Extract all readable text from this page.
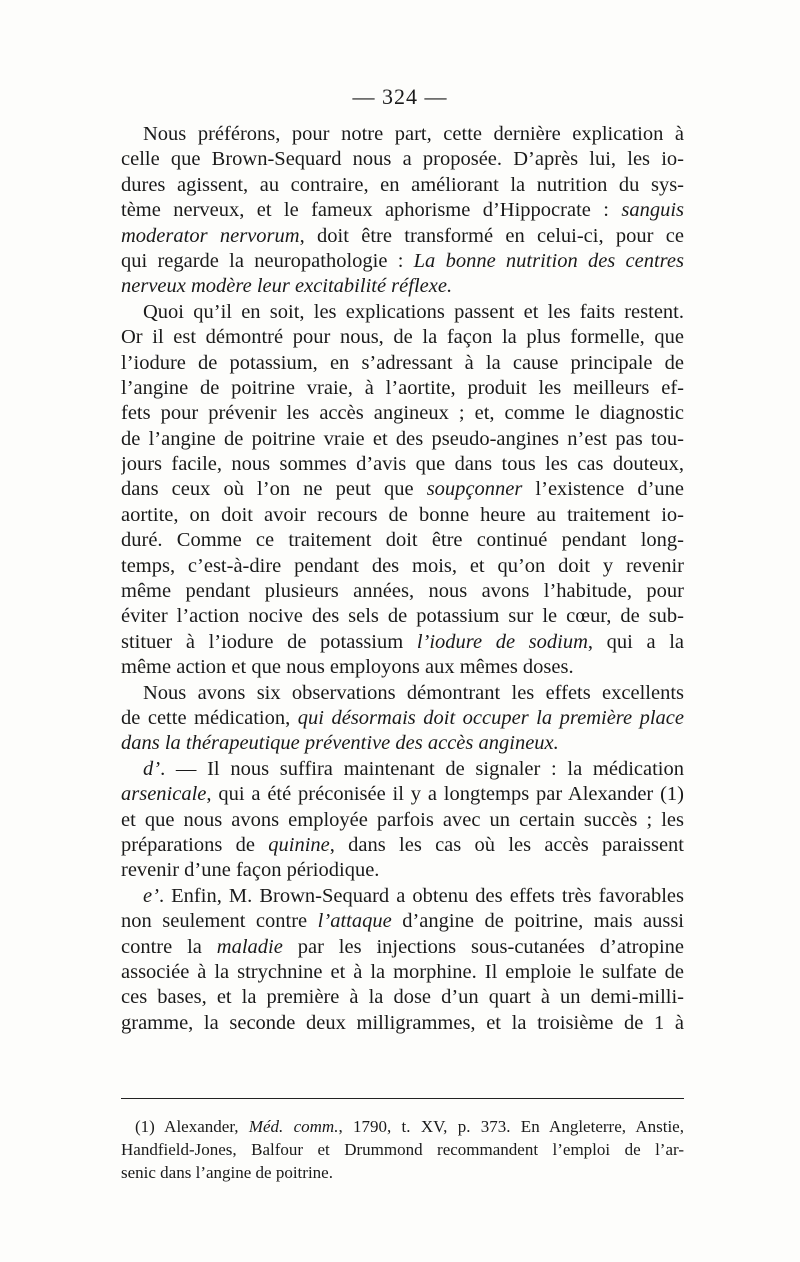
— 324 —
Nous préférons, pour notre part, cette dernière explication à
celle que Brown-Sequard nous a proposée. D’après lui, les io-
dures agissent, au contraire, en améliorant la nutrition du sys-
tème nerveux, et le fameux aphorisme d’Hippocrate : sanguis
moderator nervorum, doit être transformé en celui-ci, pour ce
qui regarde la neuropathologie : La bonne nutrition des centres
nerveux modère leur excitabilité réflexe.
Quoi qu’il en soit, les explications passent et les faits restent.
Or il est démontré pour nous, de la façon la plus formelle, que
l’iodure de potassium, en s’adressant à la cause principale de
l’angine de poitrine vraie, à l’aortite, produit les meilleurs ef-
fets pour prévenir les accès angineux ; et, comme le diagnostic
de l’angine de poitrine vraie et des pseudo-angines n’est pas tou-
jours facile, nous sommes d’avis que dans tous les cas douteux,
dans ceux où l’on ne peut que soupçonner l’existence d’une
aortite, on doit avoir recours de bonne heure au traitement io-
duré. Comme ce traitement doit être continué pendant long-
temps, c’est-à-dire pendant des mois, et qu’on doit y revenir
même pendant plusieurs années, nous avons l’habitude, pour
éviter l’action nocive des sels de potassium sur le cœur, de sub-
stituer à l’iodure de potassium l’iodure de sodium, qui a la
même action et que nous employons aux mêmes doses.
Nous avons six observations démontrant les effets excellents
de cette médication, qui désormais doit occuper la première place
dans la thérapeutique préventive des accès angineux.
d’. — Il nous suffira maintenant de signaler : la médication
arsenicale, qui a été préconisée il y a longtemps par Alexander (1)
et que nous avons employée parfois avec un certain succès ; les
préparations de quinine, dans les cas où les accès paraissent
revenir d’une façon périodique.
e’. Enfin, M. Brown-Sequard a obtenu des effets très favorables
non seulement contre l’attaque d’angine de poitrine, mais aussi
contre la maladie par les injections sous-cutanées d’atropine
associée à la strychnine et à la morphine. Il emploie le sulfate de
ces bases, et la première à la dose d’un quart à un demi-milli-
gramme, la seconde deux milligrammes, et la troisième de 1 à
(1) Alexander, Méd. comm., 1790, t. XV, p. 373. En Angleterre, Anstie,
Handfield-Jones, Balfour et Drummond recommandent l’emploi de l’ar-
senic dans l’angine de poitrine.
